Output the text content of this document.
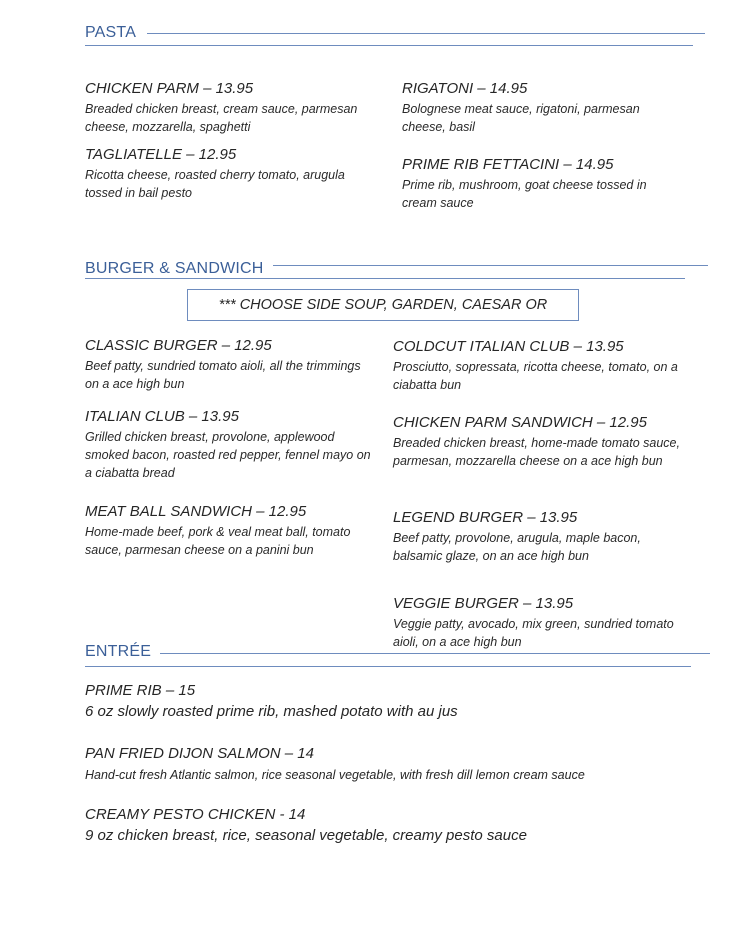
PASTA
CHICKEN PARM – 13.95
Breaded chicken breast, cream sauce, parmesan cheese, mozzarella, spaghetti
RIGATONI – 14.95
Bolognese meat sauce, rigatoni, parmesan cheese, basil
TAGLIATELLE – 12.95
Ricotta cheese, roasted cherry tomato, arugula tossed in bail pesto
PRIME RIB FETTACINI – 14.95
Prime rib, mushroom, goat cheese tossed in cream sauce
BURGER & SANDWICH
*** CHOOSE SIDE SOUP, GARDEN, CAESAR OR
CLASSIC BURGER – 12.95
Beef patty, sundried tomato aioli, all the trimmings on a ace high bun
COLDCUT ITALIAN CLUB – 13.95
Prosciutto, sopressata, ricotta cheese, tomato, on a ciabatta bun
ITALIAN CLUB – 13.95
Grilled chicken breast, provolone, applewood smoked bacon, roasted red pepper, fennel mayo on a ciabatta bread
CHICKEN PARM SANDWICH – 12.95
Breaded chicken breast, home-made tomato sauce, parmesan, mozzarella cheese on a ace high bun
MEAT BALL SANDWICH – 12.95
Home-made beef, pork & veal meat ball, tomato sauce, parmesan cheese on a panini bun
LEGEND BURGER – 13.95
Beef patty, provolone, arugula, maple bacon, balsamic glaze, on an ace high bun
VEGGIE BURGER – 13.95
Veggie patty, avocado, mix green, sundried tomato aioli, on a ace high bun
ENTRÉE
PRIME RIB – 15
6 oz slowly roasted prime rib, mashed potato with au jus
PAN FRIED DIJON SALMON – 14
Hand-cut fresh Atlantic salmon, rice seasonal vegetable, with fresh dill lemon cream sauce
CREAMY PESTO CHICKEN - 14
9 oz chicken breast, rice, seasonal vegetable, creamy pesto sauce
